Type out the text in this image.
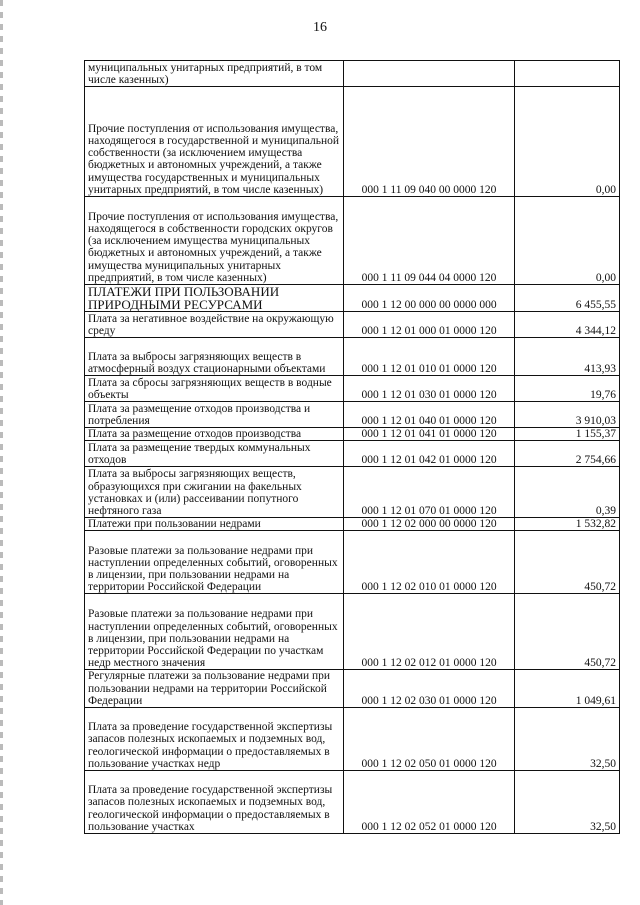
16
муниципальных унитарных предприятий, в том числе казенных)		
Прочие поступления от использования имущества, находящегося в государственной и муниципальной собственности (за исключением имущества бюджетных и автономных учреждений, а также имущества государственных и муниципальных унитарных предприятий, в том числе казенных)	000 1 11 09 040 00 0000 120	0,00
Прочие поступления от использования имущества, находящегося в собственности городских округов (за исключением имущества муниципальных бюджетных и автономных учреждений, а также имущества муниципальных унитарных предприятий, в том числе казенных)	000 1 11 09 044 04 0000 120	0,00
ПЛАТЕЖИ ПРИ ПОЛЬЗОВАНИИ ПРИРОДНЫМИ РЕСУРСАМИ	000 1 12 00 000 00 0000 000	6 455,55
Плата за негативное воздействие на окружающую среду	000 1 12 01 000 01 0000 120	4 344,12
Плата за выбросы загрязняющих веществ в атмосферный воздух стационарными объектами	000 1 12 01 010 01 0000 120	413,93
Плата за сбросы загрязняющих веществ в водные объекты	000 1 12 01 030 01 0000 120	19,76
Плата за размещение отходов производства и потребления	000 1 12 01 040 01 0000 120	3 910,03
Плата за размещение отходов производства	000 1 12 01 041 01 0000 120	1 155,37
Плата за размещение твердых коммунальных отходов	000 1 12 01 042 01 0000 120	2 754,66
Плата за выбросы загрязняющих веществ, образующихся при сжигании на факельных установках и (или) рассеивании попутного нефтяного газа	000 1 12 01 070 01 0000 120	0,39
Платежи при пользовании недрами	000 1 12 02 000 00 0000 120	1 532,82
Разовые платежи за пользование недрами при наступлении определенных событий, оговоренных в лицензии, при пользовании недрами на территории Российской Федерации	000 1 12 02 010 01 0000 120	450,72
Разовые платежи за пользование недрами при наступлении определенных событий, оговоренных в лицензии, при пользовании недрами на территории Российской Федерации по участкам недр местного значения	000 1 12 02 012 01 0000 120	450,72
Регулярные платежи за пользование недрами при пользовании недрами на территории Российской Федерации	000 1 12 02 030 01 0000 120	1 049,61
Плата за проведение государственной экспертизы запасов полезных ископаемых и подземных вод, геологической информации о предоставляемых в пользование участках недр	000 1 12 02 050 01 0000 120	32,50
Плата за проведение государственной экспертизы запасов полезных ископаемых и подземных вод, геологической информации о предоставляемых в пользование участках	000 1 12 02 052 01 0000 120	32,50
